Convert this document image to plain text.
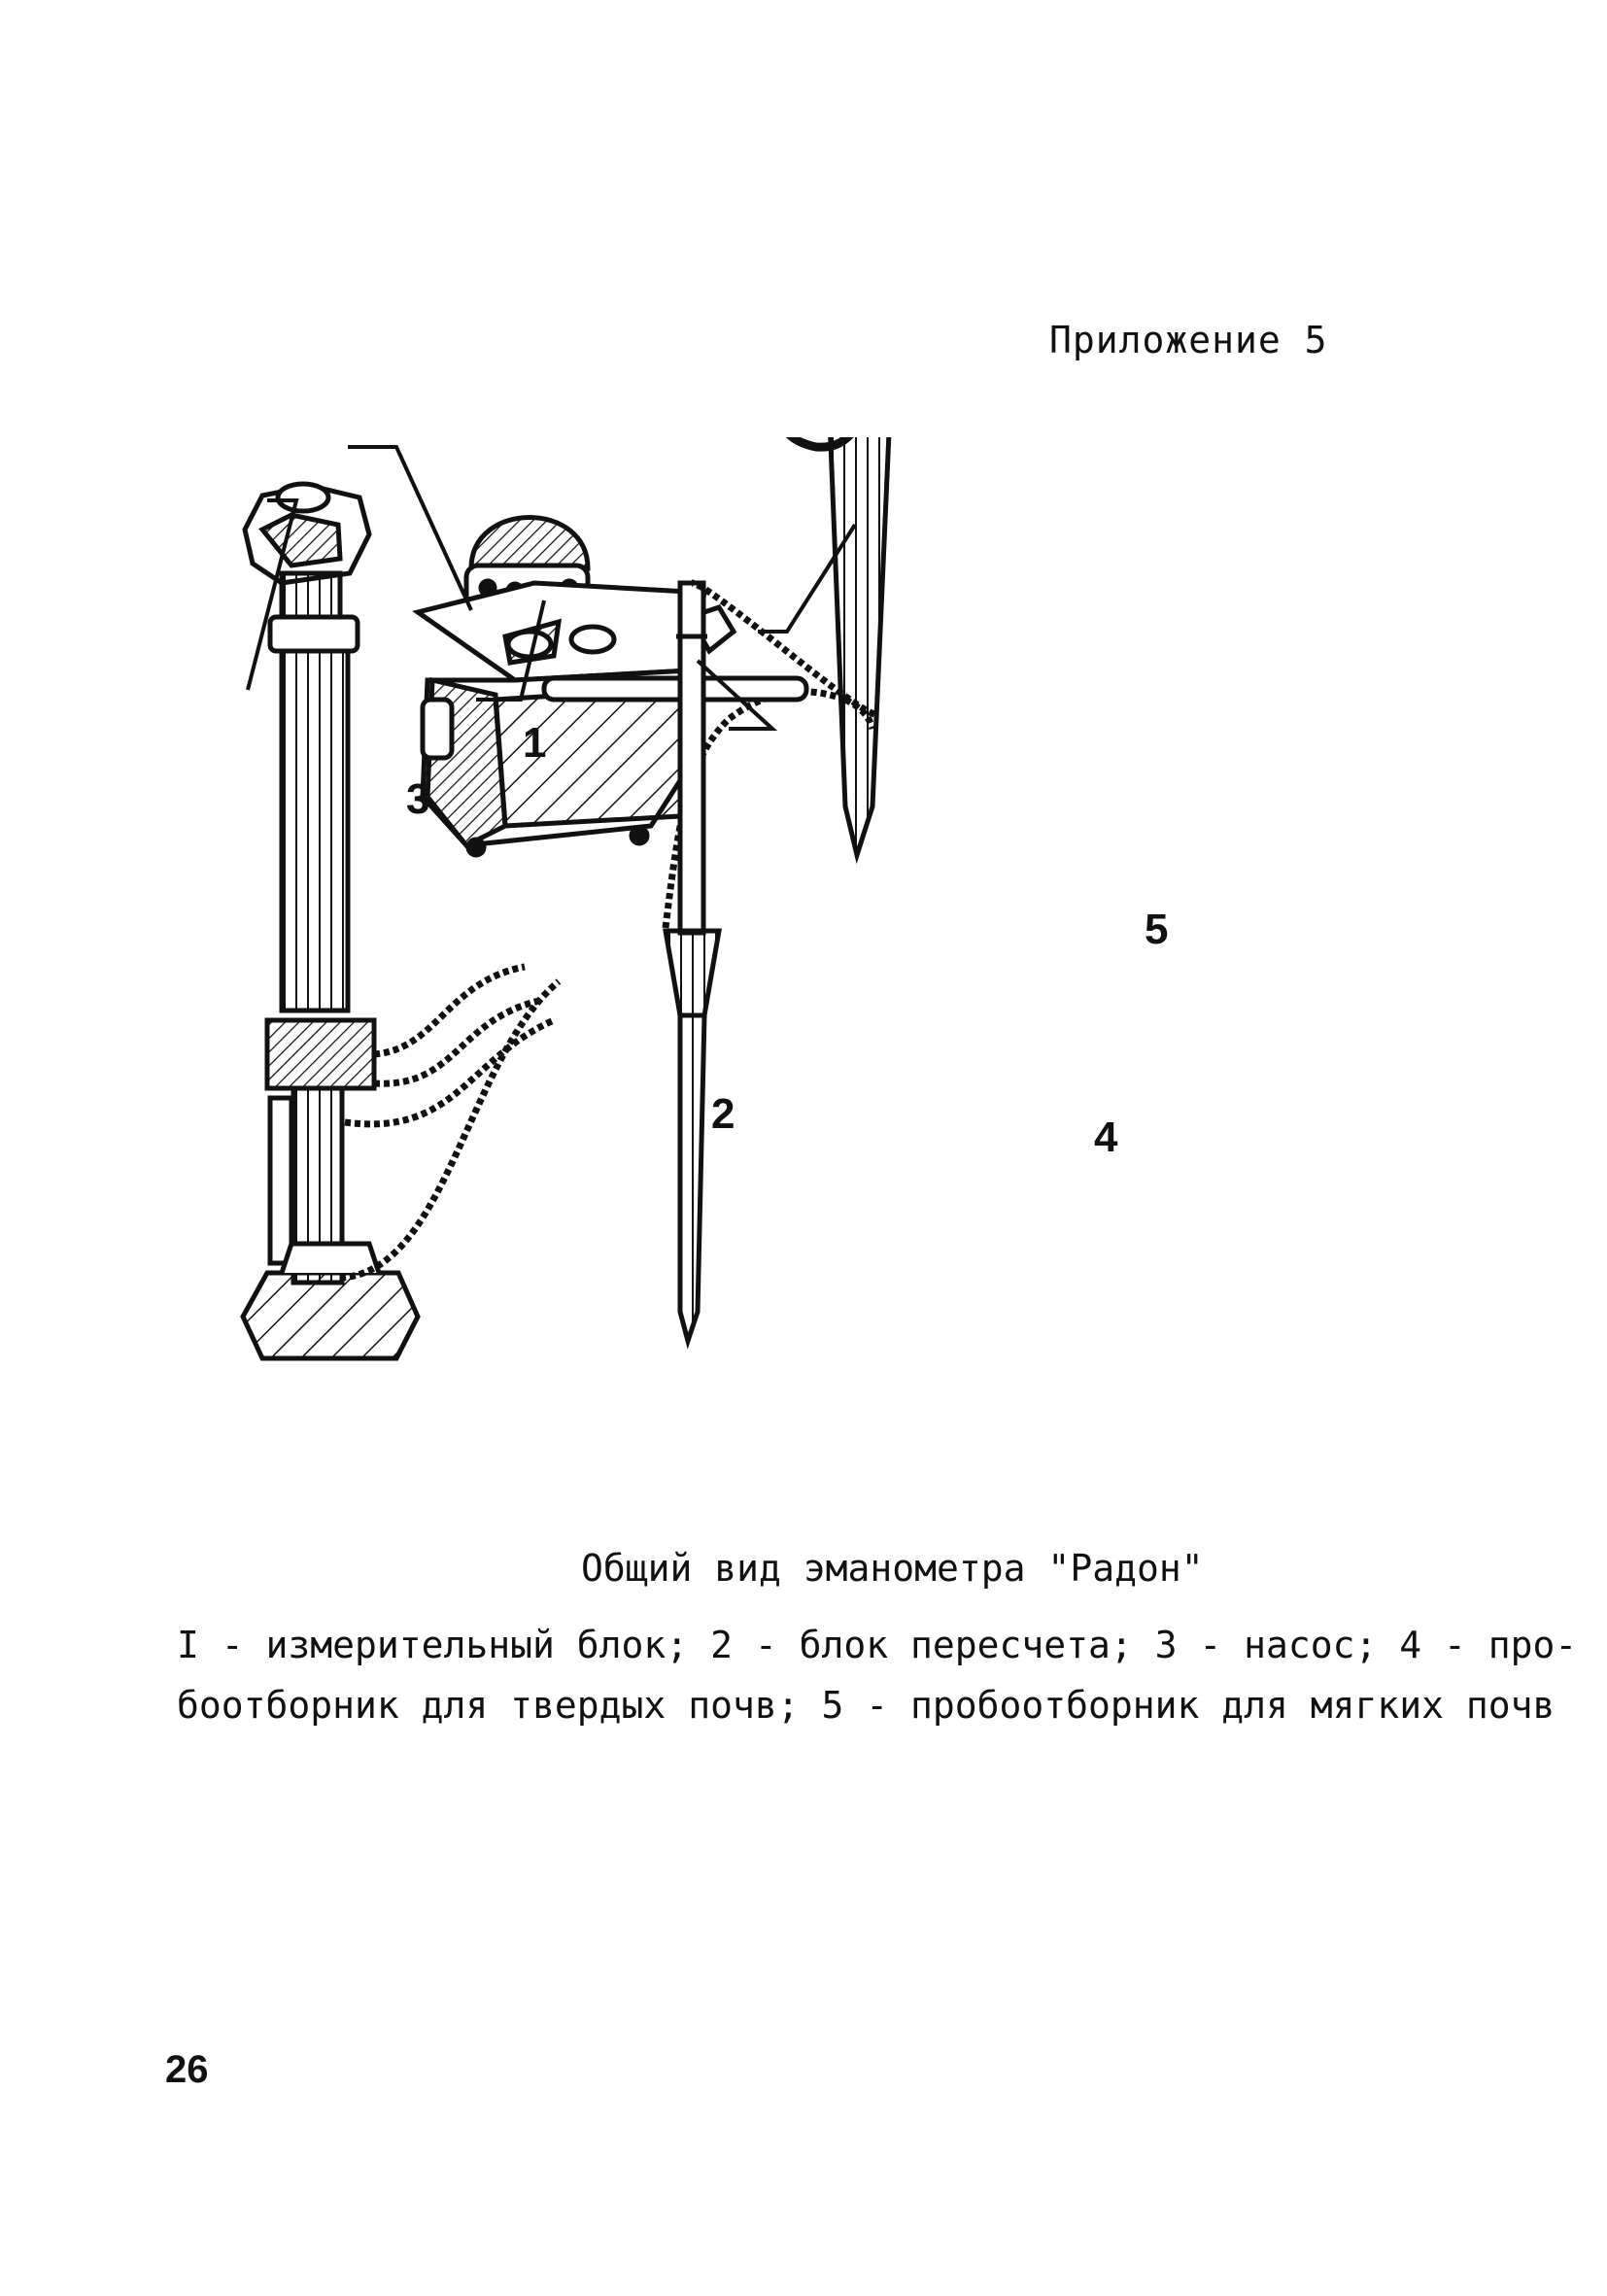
Приложение 5
1
2
3
4
5
Общий вид эманометра "Радон"
I - измерительный блок; 2 - блок пересчета; 3 - насос; 4 - про-
боотборник для твердых почв; 5 - пробоотборник для мягких почв
26
